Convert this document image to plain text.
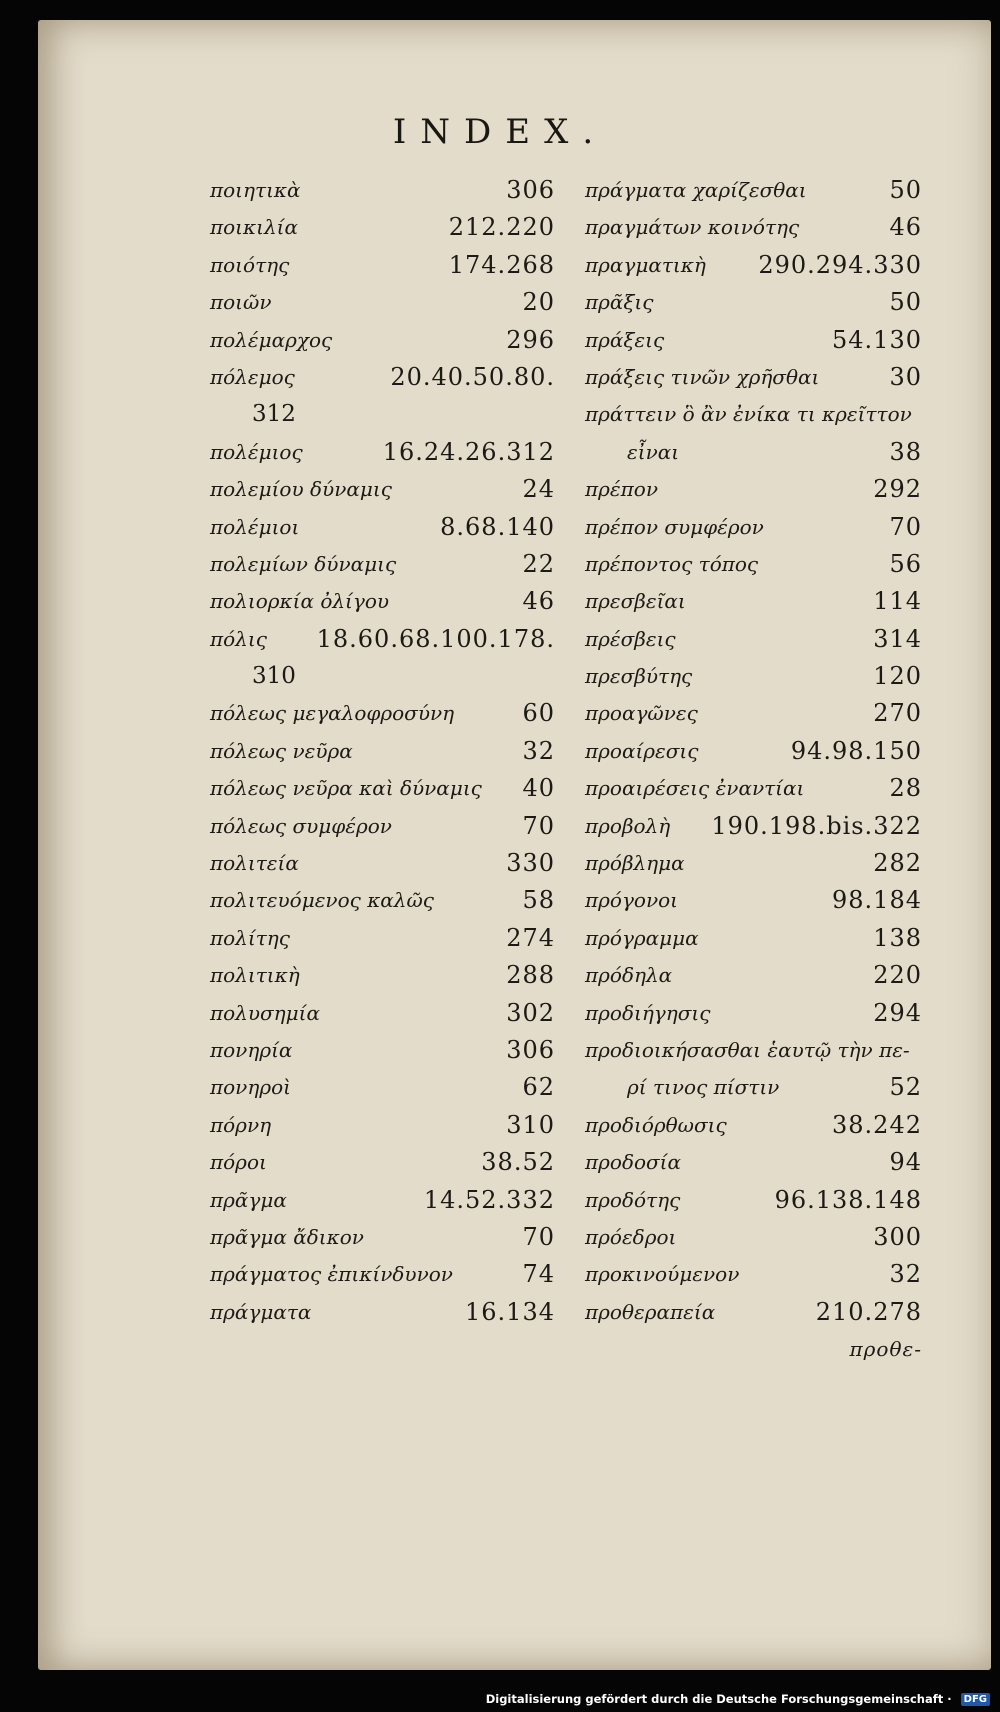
INDEX.
ποιητικὰ	306
ποικιλία	212.220
ποιότης	174.268
ποιῶν	20
πολέμαρχος	296
πόλεμος	20.40.50.80.
312
πολέμιος	16.24.26.312
πολεμίου δύναμις	24
πολέμιοι	8.68.140
πολεμίων δύναμις	22
πολιορκία ὀλίγου	46
πόλις 18.60.68.100.178.
310
πόλεως μεγαλοφροσύνη	60
πόλεως νεῦρα	32
πόλεως νεῦρα καὶ δύναμις 40
πόλεως συμφέρον	70
πολιτεία	330
πολιτευόμενος καλῶς	58
πολίτης	274
πολιτικὴ	288
πολυσημία	302
πονηρία	306
πονηροὶ	62
πόρνη	310
πόροι	38.52
πρᾶγμα	14.52.332
πρᾶγμα ἄδικον	70
πράγματος ἐπικίνδυνον	74
πράγματα	16.134
πράγματα χαρίζεσθαι	50
πραγμάτων κοινότης	46
πραγματικὴ 290.294.330
πρᾶξις	50
πράξεις	54.130
πράξεις τινῶν χρῆσθαι	30
πράττειν ὃ ἂν ἐνίκα τι κρεῖττον
εἶναι	38
πρέπον	292
πρέπον συμφέρον	70
πρέποντος τόπος	56
πρεσβεῖαι	114
πρέσβεις	314
πρεσβύτης	120
προαγῶνες	270
προαίρεσις	94.98.150
προαιρέσεις ἐναντίαι	28
προβολὴ 190.198.bis.322
πρόβλημα	282
πρόγονοι	98.184
πρόγραμμα	138
πρόδηλα	220
προδιήγησις	294
προδιοικήσασθαι ἑαυτῷ τὴν πε-
ρί τινος πίστιν	52
προδιόρθωσις	38.242
προδοσία	94
προδότης	96.138.148
πρόεδροι	300
προκινούμενον	32
προθεραπεία	210.278
προθε-
Digitalisierung gefördert durch die Deutsche Forschungsgemeinschaft · DFG
